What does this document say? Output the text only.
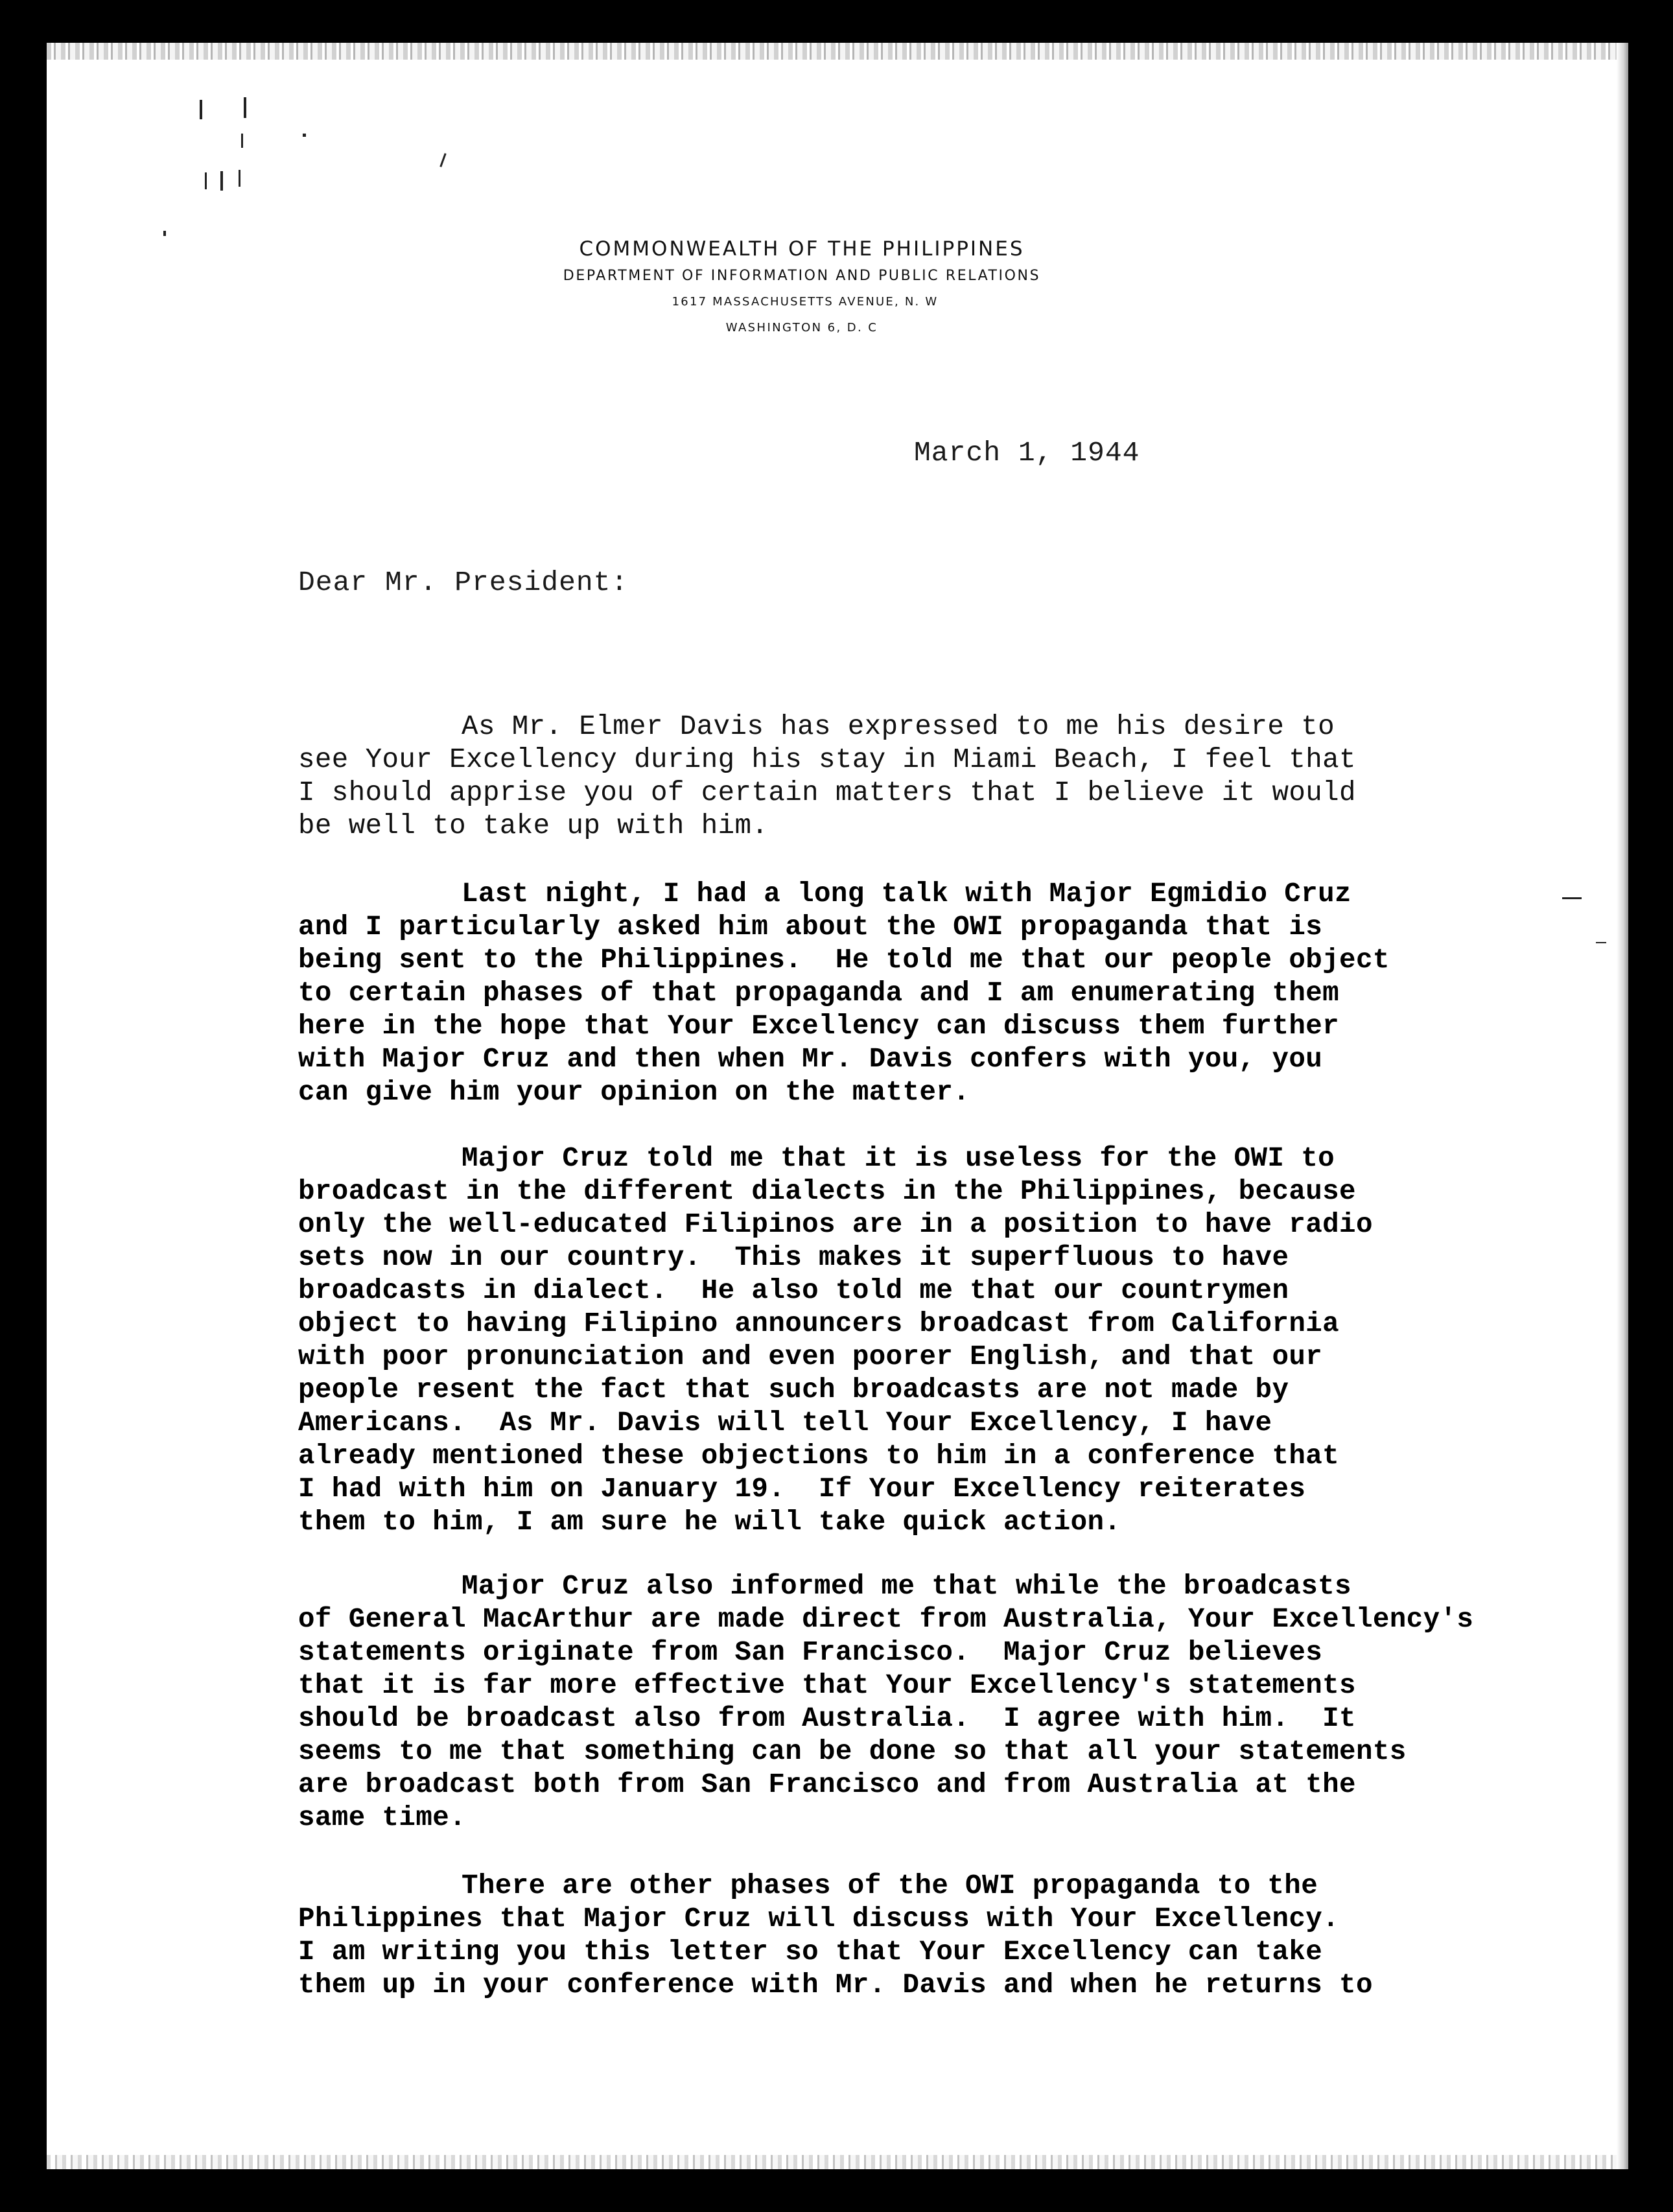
COMMONWEALTH OF THE PHILIPPINES
DEPARTMENT OF INFORMATION AND PUBLIC RELATIONS
1617 MASSACHUSETTS AVENUE, N. W
WASHINGTON 6, D. C
March 1, 1944
Dear Mr. President:
As Mr. Elmer Davis has expressed to me his desire to
see Your Excellency during his stay in Miami Beach, I feel that
I should apprise you of certain matters that I believe it would
be well to take up with him.
Last night, I had a long talk with Major Egmidio Cruz
and I particularly asked him about the OWI propaganda that is
being sent to the Philippines.  He told me that our people object
to certain phases of that propaganda and I am enumerating them
here in the hope that Your Excellency can discuss them further
with Major Cruz and then when Mr. Davis confers with you, you
can give him your opinion on the matter.
Major Cruz told me that it is useless for the OWI to
broadcast in the different dialects in the Philippines, because
only the well-educated Filipinos are in a position to have radio
sets now in our country.  This makes it superfluous to have
broadcasts in dialect.  He also told me that our countrymen
object to having Filipino announcers broadcast from California
with poor pronunciation and even poorer English, and that our
people resent the fact that such broadcasts are not made by
Americans.  As Mr. Davis will tell Your Excellency, I have
already mentioned these objections to him in a conference that
I had with him on January 19.  If Your Excellency reiterates
them to him, I am sure he will take quick action.
Major Cruz also informed me that while the broadcasts
of General MacArthur are made direct from Australia, Your Excellency's
statements originate from San Francisco.  Major Cruz believes
that it is far more effective that Your Excellency's statements
should be broadcast also from Australia.  I agree with him.  It
seems to me that something can be done so that all your statements
are broadcast both from San Francisco and from Australia at the
same time.
There are other phases of the OWI propaganda to the
Philippines that Major Cruz will discuss with Your Excellency.
I am writing you this letter so that Your Excellency can take
them up in your conference with Mr. Davis and when he returns to
